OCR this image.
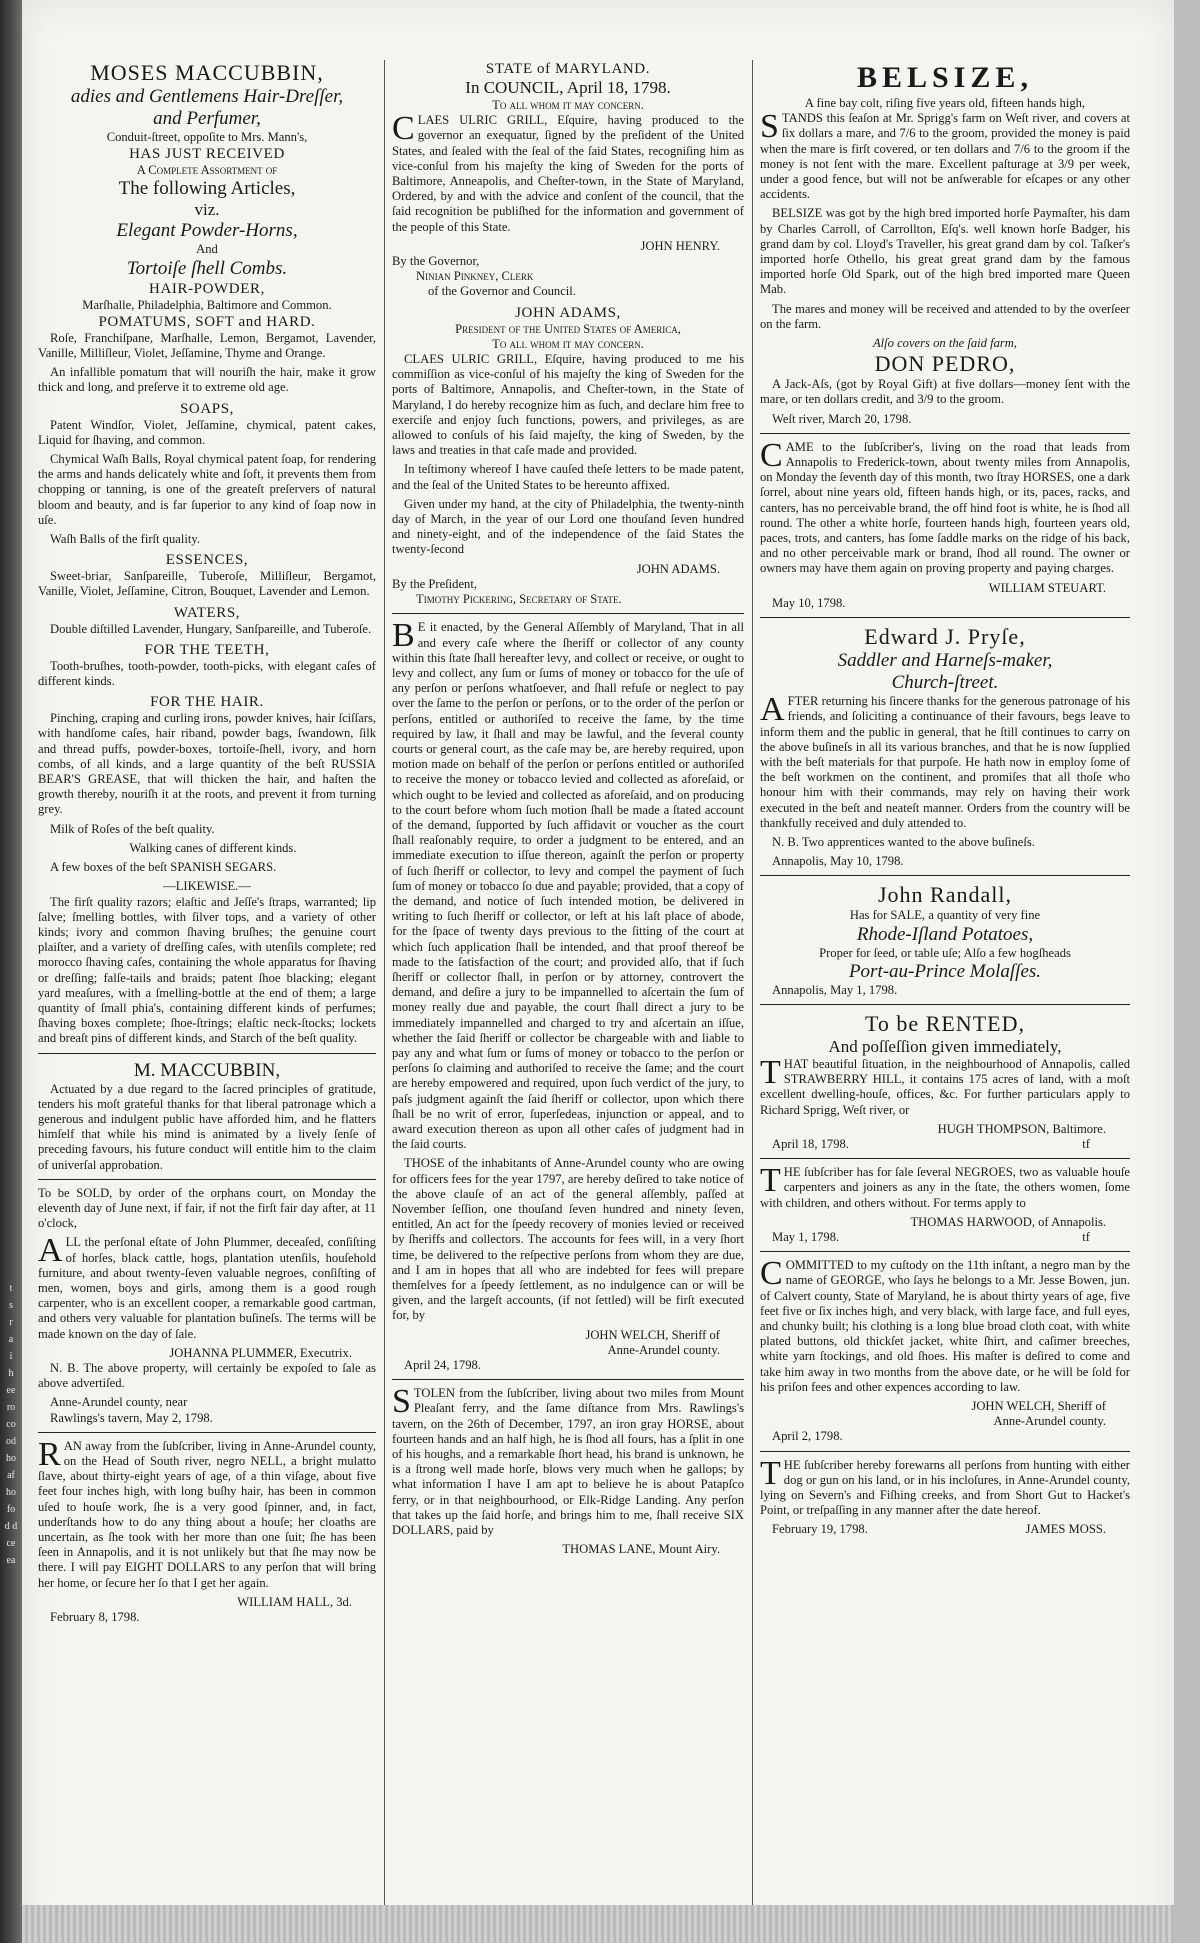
t
s
r
a
i
h
ee
ro
co
od
ho
af
ho
fo
d d
ce
ea
MOSES MACCUBBIN,
adies and Gentlemens Hair-Dreſſer,
and Perfumer,
Conduit-ſtreet, oppoſite to Mrs. Mann's,
HAS JUST RECEIVED
A Complete Assortment of
The following Articles,
viz.
Elegant Powder-Horns,
And
Tortoiſe ſhell Combs.
HAIR-POWDER,
Marſhalle, Philadelphia, Baltimore and Common.
POMATUMS, SOFT and HARD.

Roſe, Franchiſpane, Marſhalle, Lemon, Bergamot, Lavender, Vanille, Milliſleur, Violet, Jeſſamine, Thyme and Orange.

An infallible pomatum that will nouriſh the hair, make it grow thick and long, and preſerve it to extreme old age.

SOAPS,

Patent Windſor, Violet, Jeſſamine, chymical, patent cakes, Liquid for ſhaving, and common.

Chymical Waſh Balls, Royal chymical patent ſoap, for rendering the arms and hands delicately white and ſoft, it prevents them from chopping or tanning, is one of the greateſt preſervers of natural bloom and beauty, and is far ſuperior to any kind of ſoap now in uſe.

Waſh Balls of the firſt quality.

ESSENCES,

Sweet-briar, Sanſpareille, Tuberoſe, Milliſleur, Bergamot, Vanille, Violet, Jeſſamine, Citron, Bouquet, Lavender and Lemon.

WATERS,

Double diſtilled Lavender, Hungary, Sanſpareille, and Tuberoſe.

FOR THE TEETH,

Tooth-bruſhes, tooth-powder, tooth-picks, with elegant caſes of different kinds.

FOR THE HAIR.

Pinching, craping and curling irons, powder knives, hair ſciſſars, with handſome caſes, hair riband, powder bags, ſwandown, ſilk and thread puffs, powder-boxes, tortoiſe-ſhell, ivory, and horn combs, of all kinds, and a large quantity of the beſt RUSSIA BEAR'S GREASE, that will thicken the hair, and haſten the growth thereby, nouriſh it at the roots, and prevent it from turning grey.

Milk of Roſes of the beſt quality.

Walking canes of different kinds.

A few boxes of the beſt SPANISH SEGARS.

—LIKEWISE.—

The firſt quality razors; elaſtic and Jeſſe's ſtraps, warranted; lip ſalve; ſmelling bottles, with ſilver tops, and a variety of other kinds; ivory and common ſhaving bruſhes; the genuine court plaiſter, and a variety of dreſſing caſes, with utenſils complete; red morocco ſhaving caſes, containing the whole apparatus for ſhaving or dreſſing; falſe-tails and braids; patent ſhoe blacking; elegant yard meaſures, with a ſmelling-bottle at the end of them; a large quantity of ſmall phia's, containing different kinds of perfumes; ſhaving boxes complete; ſhoe-ſtrings; elaſtic neck-ſtocks; lockets and breaſt pins of different kinds, and Starch of the beſt quality.

M. MACCUBBIN,

Actuated by a due regard to the ſacred principles of gratitude, tenders his moſt grateful thanks for that liberal patronage which a generous and indulgent public have afforded him, and he flatters himſelf that while his mind is animated by a lively ſenſe of preceding favours, his future conduct will entitle him to the claim of univerſal approbation.

To be SOLD, by order of the orphans court, on Monday the eleventh day of June next, if fair, if not the firſt fair day after, at 11 o'clock,

ALL the perſonal eſtate of John Plummer, deceaſed, conſiſting of horſes, black cattle, hogs, plantation utenſils, houſehold furniture, and about twenty-ſeven valuable negroes, conſiſting of men, women, boys and girls, among them is a good rough carpenter, who is an excellent cooper, a remarkable good cartman, and others very valuable for plantation buſineſs. The terms will be made known on the day of ſale.

JOHANNA PLUMMER, Executrix.

N. B. The above property, will certainly be expoſed to ſale as above advertiſed.

Anne-Arundel county, near
Rawlings's tavern, May 2, 1798.

RAN away from the ſubſcriber, living in Anne-Arundel county, on the Head of South river, negro NELL, a bright mulatto ſlave, about thirty-eight years of age, of a thin viſage, about five feet four inches high, with long buſhy hair, has been in common uſed to houſe work, ſhe is a very good ſpinner, and, in fact, underſtands how to do any thing about a houſe; her cloaths are uncertain, as ſhe took with her more than one ſuit; ſhe has been ſeen in Annapolis, and it is not unlikely but that ſhe may now be there. I will pay EIGHT DOLLARS to any perſon that will bring her home, or ſecure her ſo that I get her again.

WILLIAM HALL, 3d.
February 8, 1798.
STATE of MARYLAND.
In COUNCIL, April 18, 1798.
To all whom it may concern.

CLAES ULRIC GRILL, Eſquire, having produced to the governor an exequatur, ſigned by the preſident of the United States, and ſealed with the ſeal of the ſaid States, recogniſing him as vice-conſul from his majeſty the king of Sweden for the ports of Baltimore, Anneapolis, and Cheſter-town, in the State of Maryland, Ordered, by and with the advice and conſent of the council, that the ſaid recognition be publiſhed for the information and government of the people of this State.

JOHN HENRY.
By the Governor,
Ninian Pinkney, Clerk
of the Governor and Council.
JOHN ADAMS,
President of the United States of America,
To all whom it may concern.

CLAES ULRIC GRILL, Eſquire, having produced to me his commiſſion as vice-conſul of his majeſty the king of Sweden for the ports of Baltimore, Annapolis, and Cheſter-town, in the State of Maryland, I do hereby recognize him as ſuch, and declare him free to exerciſe and enjoy ſuch functions, powers, and privileges, as are allowed to conſuls of his ſaid majeſty, the king of Sweden, by the laws and treaties in that caſe made and provided.

In teſtimony whereof I have cauſed theſe letters to be made patent, and the ſeal of the United States to be hereunto affixed.

Given under my hand, at the city of Philadelphia, the twenty-ninth day of March, in the year of our Lord one thouſand ſeven hundred and ninety-eight, and of the independence of the ſaid States the twenty-ſecond

JOHN ADAMS.
By the Preſident,
Timothy Pickering, Secretary of State.

BE it enacted, by the General Aſſembly of Maryland, That in all and every caſe where the ſheriff or collector of any county within this ſtate ſhall hereafter levy, and collect or receive, or ought to levy and collect, any ſum or ſums of money or tobacco for the uſe of any perſon or perſons whatſoever, and ſhall refuſe or neglect to pay over the ſame to the perſon or perſons, or to the order of the perſon or perſons, entitled or authoriſed to receive the ſame, by the time required by law, it ſhall and may be lawful, and the ſeveral county courts or general court, as the caſe may be, are hereby required, upon motion made on behalf of the perſon or perſons entitled or authoriſed to receive the money or tobacco levied and collected as aforeſaid, or which ought to be levied and collected as aforeſaid, and on producing to the court before whom ſuch motion ſhall be made a ſtated account of the demand, ſupported by ſuch affidavit or voucher as the court ſhall reaſonably require, to order a judgment to be entered, and an immediate execution to iſſue thereon, againſt the perſon or property of ſuch ſheriff or collector, to levy and compel the payment of ſuch ſum of money or tobacco ſo due and payable; provided, that a copy of the demand, and notice of ſuch intended motion, be delivered in writing to ſuch ſheriff or collector, or left at his laſt place of abode, for the ſpace of twenty days previous to the ſitting of the court at which ſuch application ſhall be intended, and that proof thereof be made to the ſatisfaction of the court; and provided alſo, that if ſuch ſheriff or collector ſhall, in perſon or by attorney, controvert the demand, and deſire a jury to be impannelled to aſcertain the ſum of money really due and payable, the court ſhall direct a jury to be immediately impannelled and charged to try and aſcertain an iſſue, whether the ſaid ſheriff or collector be chargeable with and liable to pay any and what ſum or ſums of money or tobacco to the perſon or perſons ſo claiming and authoriſed to receive the ſame; and the court are hereby empowered and required, upon ſuch verdict of the jury, to paſs judgment againſt the ſaid ſheriff or collector, upon which there ſhall be no writ of error, ſuperſedeas, injunction or appeal, and to award execution thereon as upon all other caſes of judgment had in the ſaid courts.

THOSE of the inhabitants of Anne-Arundel county who are owing for officers fees for the year 1797, are hereby deſired to take notice of the above clauſe of an act of the general aſſembly, paſſed at November ſeſſion, one thouſand ſeven hundred and ninety ſeven, entitled, An act for the ſpeedy recovery of monies levied or received by ſheriffs and collectors. The accounts for fees will, in a very ſhort time, be delivered to the reſpective perſons from whom they are due, and I am in hopes that all who are indebted for fees will prepare themſelves for a ſpeedy ſettlement, as no indulgence can or will be given, and the largeſt accounts, (if not ſettled) will be firſt executed for, by

JOHN WELCH, Sheriff of
Anne-Arundel county.
April 24, 1798.

STOLEN from the ſubſcriber, living about two miles from Mount Pleaſant ferry, and the ſame diſtance from Mrs. Rawlings's tavern, on the 26th of December, 1797, an iron gray HORSE, about fourteen hands and an half high, he is ſhod all fours, has a ſplit in one of his houghs, and a remarkable ſhort head, his brand is unknown, he is a ſtrong well made horſe, blows very much when he gallops; by what information I have I am apt to believe he is about Patapſco ferry, or in that neighbourhood, or Elk-Ridge Landing. Any perſon that takes up the ſaid horſe, and brings him to me, ſhall receive SIX DOLLARS, paid by

THOMAS LANE, Mount Airy.
BELSIZE,
A fine bay colt, riſing five years old, fifteen hands high,

STANDS this ſeaſon at Mr. Sprigg's farm on Weſt river, and covers at ſix dollars a mare, and 7/6 to the groom, provided the money is paid when the mare is firſt covered, or ten dollars and 7/6 to the groom if the money is not ſent with the mare. Excellent paſturage at 3/9 per week, under a good fence, but will not be anſwerable for eſcapes or any other accidents.

BELSIZE was got by the high bred imported horſe Paymaſter, his dam by Charles Carroll, of Carrollton, Eſq's. well known horſe Badger, his grand dam by col. Lloyd's Traveller, his great grand dam by col. Taſker's imported horſe Othello, his great great grand dam by the famous imported horſe Old Spark, out of the high bred imported mare Queen Mab.

The mares and money will be received and attended to by the overſeer on the farm.

Alſo covers on the ſaid farm,
DON PEDRO,

A Jack-Aſs, (got by Royal Gift) at five dollars—money ſent with the mare, or ten dollars credit, and 3/9 to the groom.

Weſt river, March 20, 1798.

CAME to the ſubſcriber's, living on the road that leads from Annapolis to Frederick-town, about twenty miles from Annapolis, on Monday the ſeventh day of this month, two ſtray HORSES, one a dark ſorrel, about nine years old, fifteen hands high, or its, paces, racks, and canters, has no perceivable brand, the off hind foot is white, he is ſhod all round. The other a white horſe, fourteen hands high, fourteen years old, paces, trots, and canters, has ſome ſaddle marks on the ridge of his back, and no other perceivable mark or brand, ſhod all round. The owner or owners may have them again on proving property and paying charges.

WILLIAM STEUART.
May 10, 1798.
Edward J. Pryſe,
Saddler and Harneſs-maker,
Church-ſtreet.

AFTER returning his ſincere thanks for the generous patronage of his friends, and ſoliciting a continuance of their favours, begs leave to inform them and the public in general, that he ſtill continues to carry on the above buſineſs in all its various branches, and that he is now ſupplied with the beſt materials for that purpoſe. He hath now in employ ſome of the beſt workmen on the continent, and promiſes that all thoſe who honour him with their commands, may rely on having their work executed in the beſt and neateſt manner. Orders from the country will be thankfully received and duly attended to.

N. B. Two apprentices wanted to the above buſineſs.

Annapolis, May 10, 1798.
John Randall,
Has for SALE, a quantity of very fine
Rhode-Iſland Potatoes,
Proper for ſeed, or table uſe; Alſo a few hogſheads
Port-au-Prince Molaſſes.
Annapolis, May 1, 1798.
To be RENTED,
And poſſeſſion given immediately,

THAT beautiful ſituation, in the neighbourhood of Annapolis, called STRAWBERRY HILL, it contains 175 acres of land, with a moſt excellent dwelling-houſe, offices, &c. For further particulars apply to Richard Sprigg, Weſt river, or

HUGH THOMPSON, Baltimore.
April 18, 1798.	tf

THE ſubſcriber has for ſale ſeveral NEGROES, two as valuable houſe carpenters and joiners as any in the ſtate, the others women, ſome with children, and others without. For terms apply to

THOMAS HARWOOD, of Annapolis.
May 1, 1798.	tf

COMMITTED to my cuſtody on the 11th inſtant, a negro man by the name of GEORGE, who ſays he belongs to a Mr. Jesse Bowen, jun. of Calvert county, State of Maryland, he is about thirty years of age, five feet five or ſix inches high, and very black, with large face, and full eyes, and chunky built; his clothing is a long blue broad cloth coat, with white plated buttons, old thickſet jacket, white ſhirt, and caſimer breeches, white yarn ſtockings, and old ſhoes. His maſter is deſired to come and take him away in two months from the above date, or he will be ſold for his priſon fees and other expences according to law.

JOHN WELCH, Sheriff of
Anne-Arundel county.
April 2, 1798.

THE ſubſcriber hereby forewarns all perſons from hunting with either dog or gun on his land, or in his incloſures, in Anne-Arundel county, lying on Severn's and Fiſhing creeks, and from Short Gut to Hacket's Point, or treſpaſſing in any manner after the date hereof.

February 19, 1798.	JAMES MOSS.
